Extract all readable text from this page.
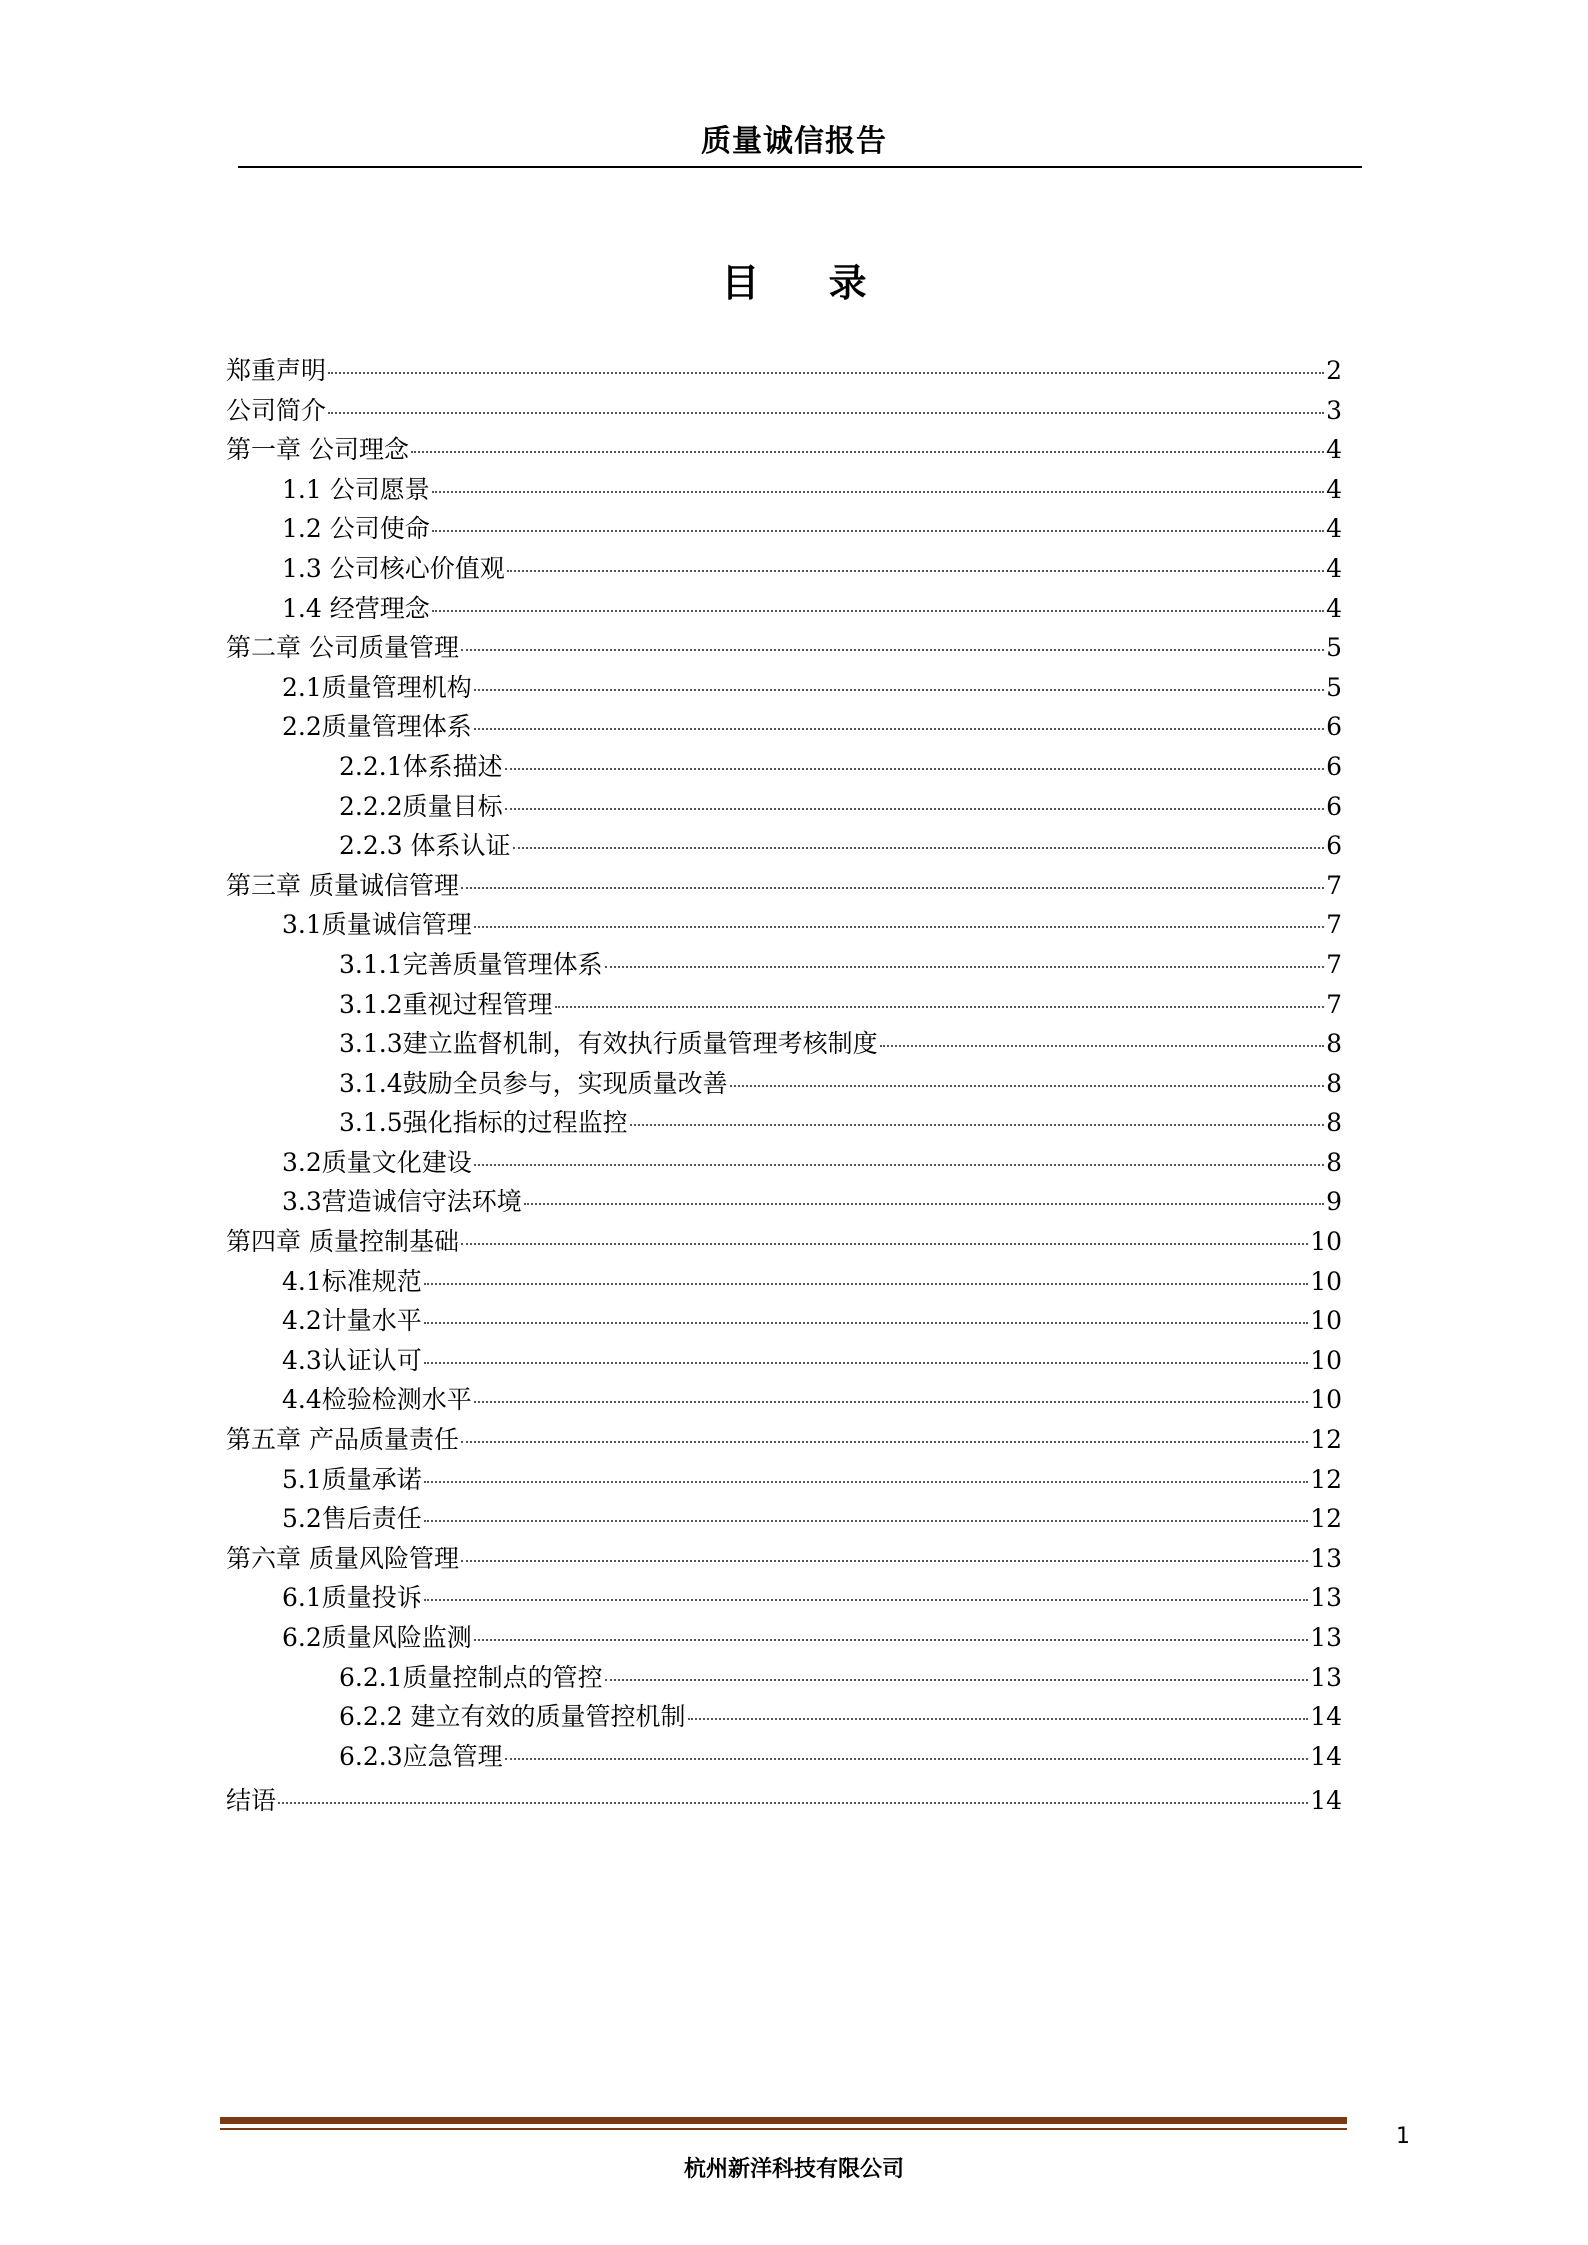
质量诚信报告
目 录
郑重声明	2
公司简介	3
第一章 公司理念	4
1.1 公司愿景	4
1.2 公司使命	4
1.3 公司核心价值观	4
1.4 经营理念	4
第二章 公司质量管理	5
2.1质量管理机构	5
2.2质量管理体系	6
2.2.1体系描述	6
2.2.2质量目标	6
2.2.3 体系认证	6
第三章 质量诚信管理	7
3.1质量诚信管理	7
3.1.1完善质量管理体系	7
3.1.2重视过程管理	7
3.1.3建立监督机制，有效执行质量管理考核制度	8
3.1.4鼓励全员参与，实现质量改善	8
3.1.5强化指标的过程监控	8
3.2质量文化建设	8
3.3营造诚信守法环境	9
第四章 质量控制基础	10
4.1标准规范	10
4.2计量水平	10
4.3认证认可	10
4.4检验检测水平	10
第五章 产品质量责任	12
5.1质量承诺	12
5.2售后责任	12
第六章 质量风险管理	13
6.1质量投诉	13
6.2质量风险监测	13
6.2.1质量控制点的管控	13
6.2.2 建立有效的质量管控机制	14
6.2.3应急管理	14
结语	14
1
杭州新洋科技有限公司
